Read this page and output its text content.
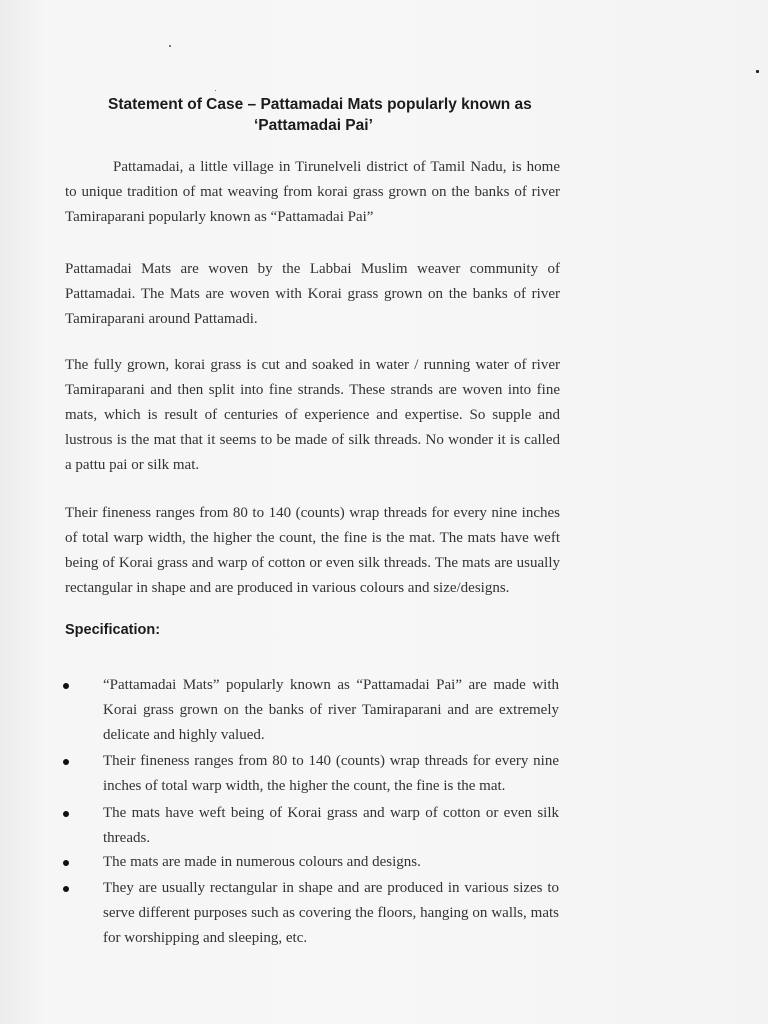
Statement of Case – Pattamadai Mats popularly known as
‘Pattamadai Pai’
Pattamadai, a little village in Tirunelveli district of Tamil Nadu, is home to unique tradition of mat weaving from korai grass grown on the banks of river Tamiraparani popularly known as “Pattamadai Pai”
Pattamadai Mats are woven by the Labbai Muslim weaver community of Pattamadai. The Mats are woven with Korai grass grown on the banks of river Tamiraparani around Pattamadi.
The fully grown, korai grass is cut and soaked in water / running water of river Tamiraparani and then split into fine strands. These strands are woven into fine mats, which is result of centuries of experience and expertise. So supple and lustrous is the mat that it seems to be made of silk threads. No wonder it is called a pattu pai or silk mat.
Their fineness ranges from 80 to 140 (counts) wrap threads for every nine inches of total warp width, the higher the count, the fine is the mat. The mats have weft being of Korai grass and warp of cotton or even silk threads. The mats are usually rectangular in shape and are produced in various colours and size/designs.
Specification:
“Pattamadai Mats” popularly known as “Pattamadai Pai” are made with Korai grass grown on the banks of river Tamiraparani and are extremely delicate and highly valued.
Their fineness ranges from 80 to 140 (counts) wrap threads for every nine inches of total warp width, the higher the count, the fine is the mat.
The mats have weft being of Korai grass and warp of cotton or even silk threads.
The mats are made in numerous colours and designs.
They are usually rectangular in shape and are produced in various sizes to serve different purposes such as covering the floors, hanging on walls, mats for worshipping and sleeping, etc.
